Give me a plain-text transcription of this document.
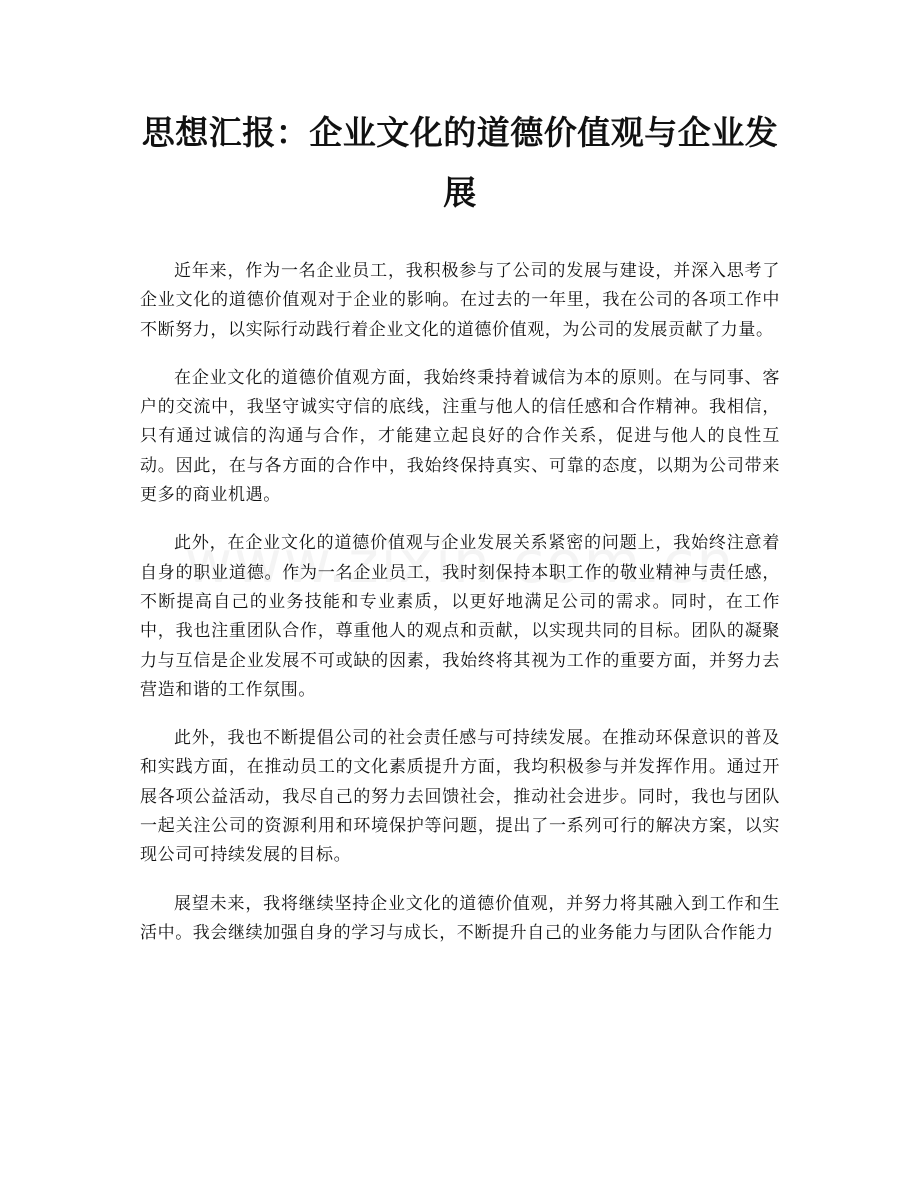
思想汇报：企业文化的道德价值观与企业发展

近年来，作为一名企业员工，我积极参与了公司的发展与建设，并深入思考了企业文化的道德价值观对于企业的影响。在过去的一年里，我在公司的各项工作中不断努力，以实际行动践行着企业文化的道德价值观，为公司的发展贡献了力量。

在企业文化的道德价值观方面，我始终秉持着诚信为本的原则。在与同事、客户的交流中，我坚守诚实守信的底线，注重与他人的信任感和合作精神。我相信，只有通过诚信的沟通与合作，才能建立起良好的合作关系，促进与他人的良性互动。因此，在与各方面的合作中，我始终保持真实、可靠的态度，以期为公司带来更多的商业机遇。

此外，在企业文化的道德价值观与企业发展关系紧密的问题上，我始终注意着自身的职业道德。作为一名企业员工，我时刻保持本职工作的敬业精神与责任感，不断提高自己的业务技能和专业素质，以更好地满足公司的需求。同时，在工作中，我也注重团队合作，尊重他人的观点和贡献，以实现共同的目标。团队的凝聚力与互信是企业发展不可或缺的因素，我始终将其视为工作的重要方面，并努力去营造和谐的工作氛围。

此外，我也不断提倡公司的社会责任感与可持续发展。在推动环保意识的普及和实践方面，在推动员工的文化素质提升方面，我均积极参与并发挥作用。通过开展各项公益活动，我尽自己的努力去回馈社会，推动社会进步。同时，我也与团队一起关注公司的资源利用和环境保护等问题，提出了一系列可行的解决方案，以实现公司可持续发展的目标。

展望未来，我将继续坚持企业文化的道德价值观，并努力将其融入到工作和生活中。我会继续加强自身的学习与成长，不断提升自己的业务能力与团队合作能力
